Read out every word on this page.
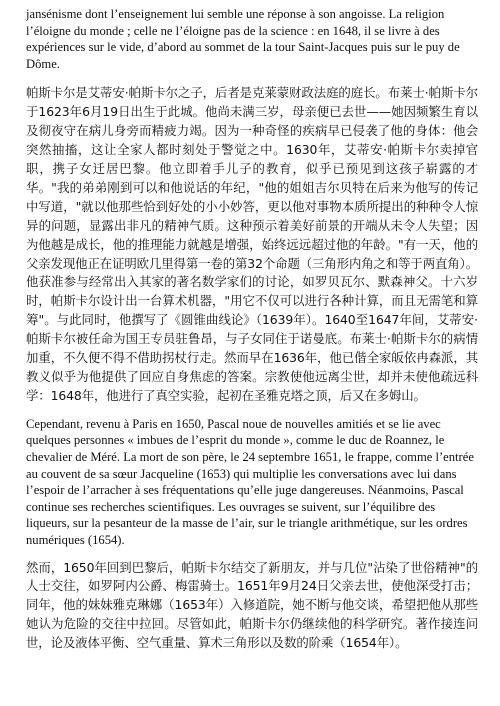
jansénisme dont l’enseignement lui semble une réponse à son angoisse. La religion l’éloigne du monde ; celle ne l’éloigne pas de la science : en 1648, il se livre à des expériences sur le vide, d’abord au sommet de la tour Saint-Jacques puis sur le puy de Dôme.

帕斯卡尔是艾蒂安·帕斯卡尔之子，后者是克莱蒙财政法庭的庭长。布莱士·帕斯卡尔于1623年6月19日出生于此城。他尚未满三岁，母亲便已去世——她因频繁生育以及彻夜守在病儿身旁而精疲力竭。因为一种奇怪的疾病早已侵袭了他的身体：他会突然抽搐，这让全家人都时刻处于警觉之中。1630年，艾蒂安·帕斯卡尔卖掉官职，携子女迁居巴黎。他立即着手儿子的教育，似乎已预见到这孩子崭露的才华。"我的弟弟刚到可以和他说话的年纪，"他的姐姐吉尔贝特在后来为他写的传记中写道，"就以他那些恰到好处的小小妙答，更以他对事物本质所提出的种种令人惊异的问题，显露出非凡的精神气质。这种预示着美好前景的开端从未令人失望；因为他越是成长，他的推理能力就越是增强，始终远远超过他的年龄。"有一天，他的父亲发现他正在证明欧几里得第一卷的第32个命题（三角形内角之和等于两直角）。他获准参与经常出入其家的著名数学家们的讨论，如罗贝瓦尔、默森神父。十六岁时，帕斯卡尔设计出一台算术机器，"用它不仅可以进行各种计算，而且无需笔和算筹"。与此同时，他撰写了《圆锥曲线论》（1639年）。1640至1647年间，艾蒂安·帕斯卡尔被任命为国王专员驻鲁昂，与子女同住于诺曼底。布莱士·帕斯卡尔的病情加重，不久便不得不借助拐杖行走。然而早在1636年，他已偕全家皈依冉森派，其教义似乎为他提供了回应自身焦虑的答案。宗教使他远离尘世，却并未使他疏远科学：1648年，他进行了真空实验，起初在圣雅克塔之顶，后又在多姆山。

Cependant, revenu à Paris en 1650, Pascal noue de nouvelles amitiés et se lie avec quelques personnes « imbues de l’esprit du monde », comme le duc de Roannez, le chevalier de Méré. La mort de son père, le 24 septembre 1651, le frappe, comme l’entrée au couvent de sa sœur Jacqueline (1653) qui multiplie les conversations avec lui dans l’espoir de l’arracher à ses fréquentations qu’elle juge dangereuses. Néanmoins, Pascal continue ses recherches scientifiques. Les ouvrages se suivent, sur l’équilibre des liqueurs, sur la pesanteur de la masse de l’air, sur le triangle arithmétique, sur les ordres numériques (1654).

然而，1650年回到巴黎后，帕斯卡尔结交了新朋友，并与几位"沾染了世俗精神"的人士交往，如罗阿内公爵、梅雷骑士。1651年9月24日父亲去世，使他深受打击；同年，他的妹妹雅克琳娜（1653年）入修道院，她不断与他交谈，希望把他从那些她认为危险的交往中拉回。尽管如此，帕斯卡尔仍继续他的科学研究。著作接连问世，论及液体平衡、空气重量、算术三角形以及数的阶乘（1654年）。
